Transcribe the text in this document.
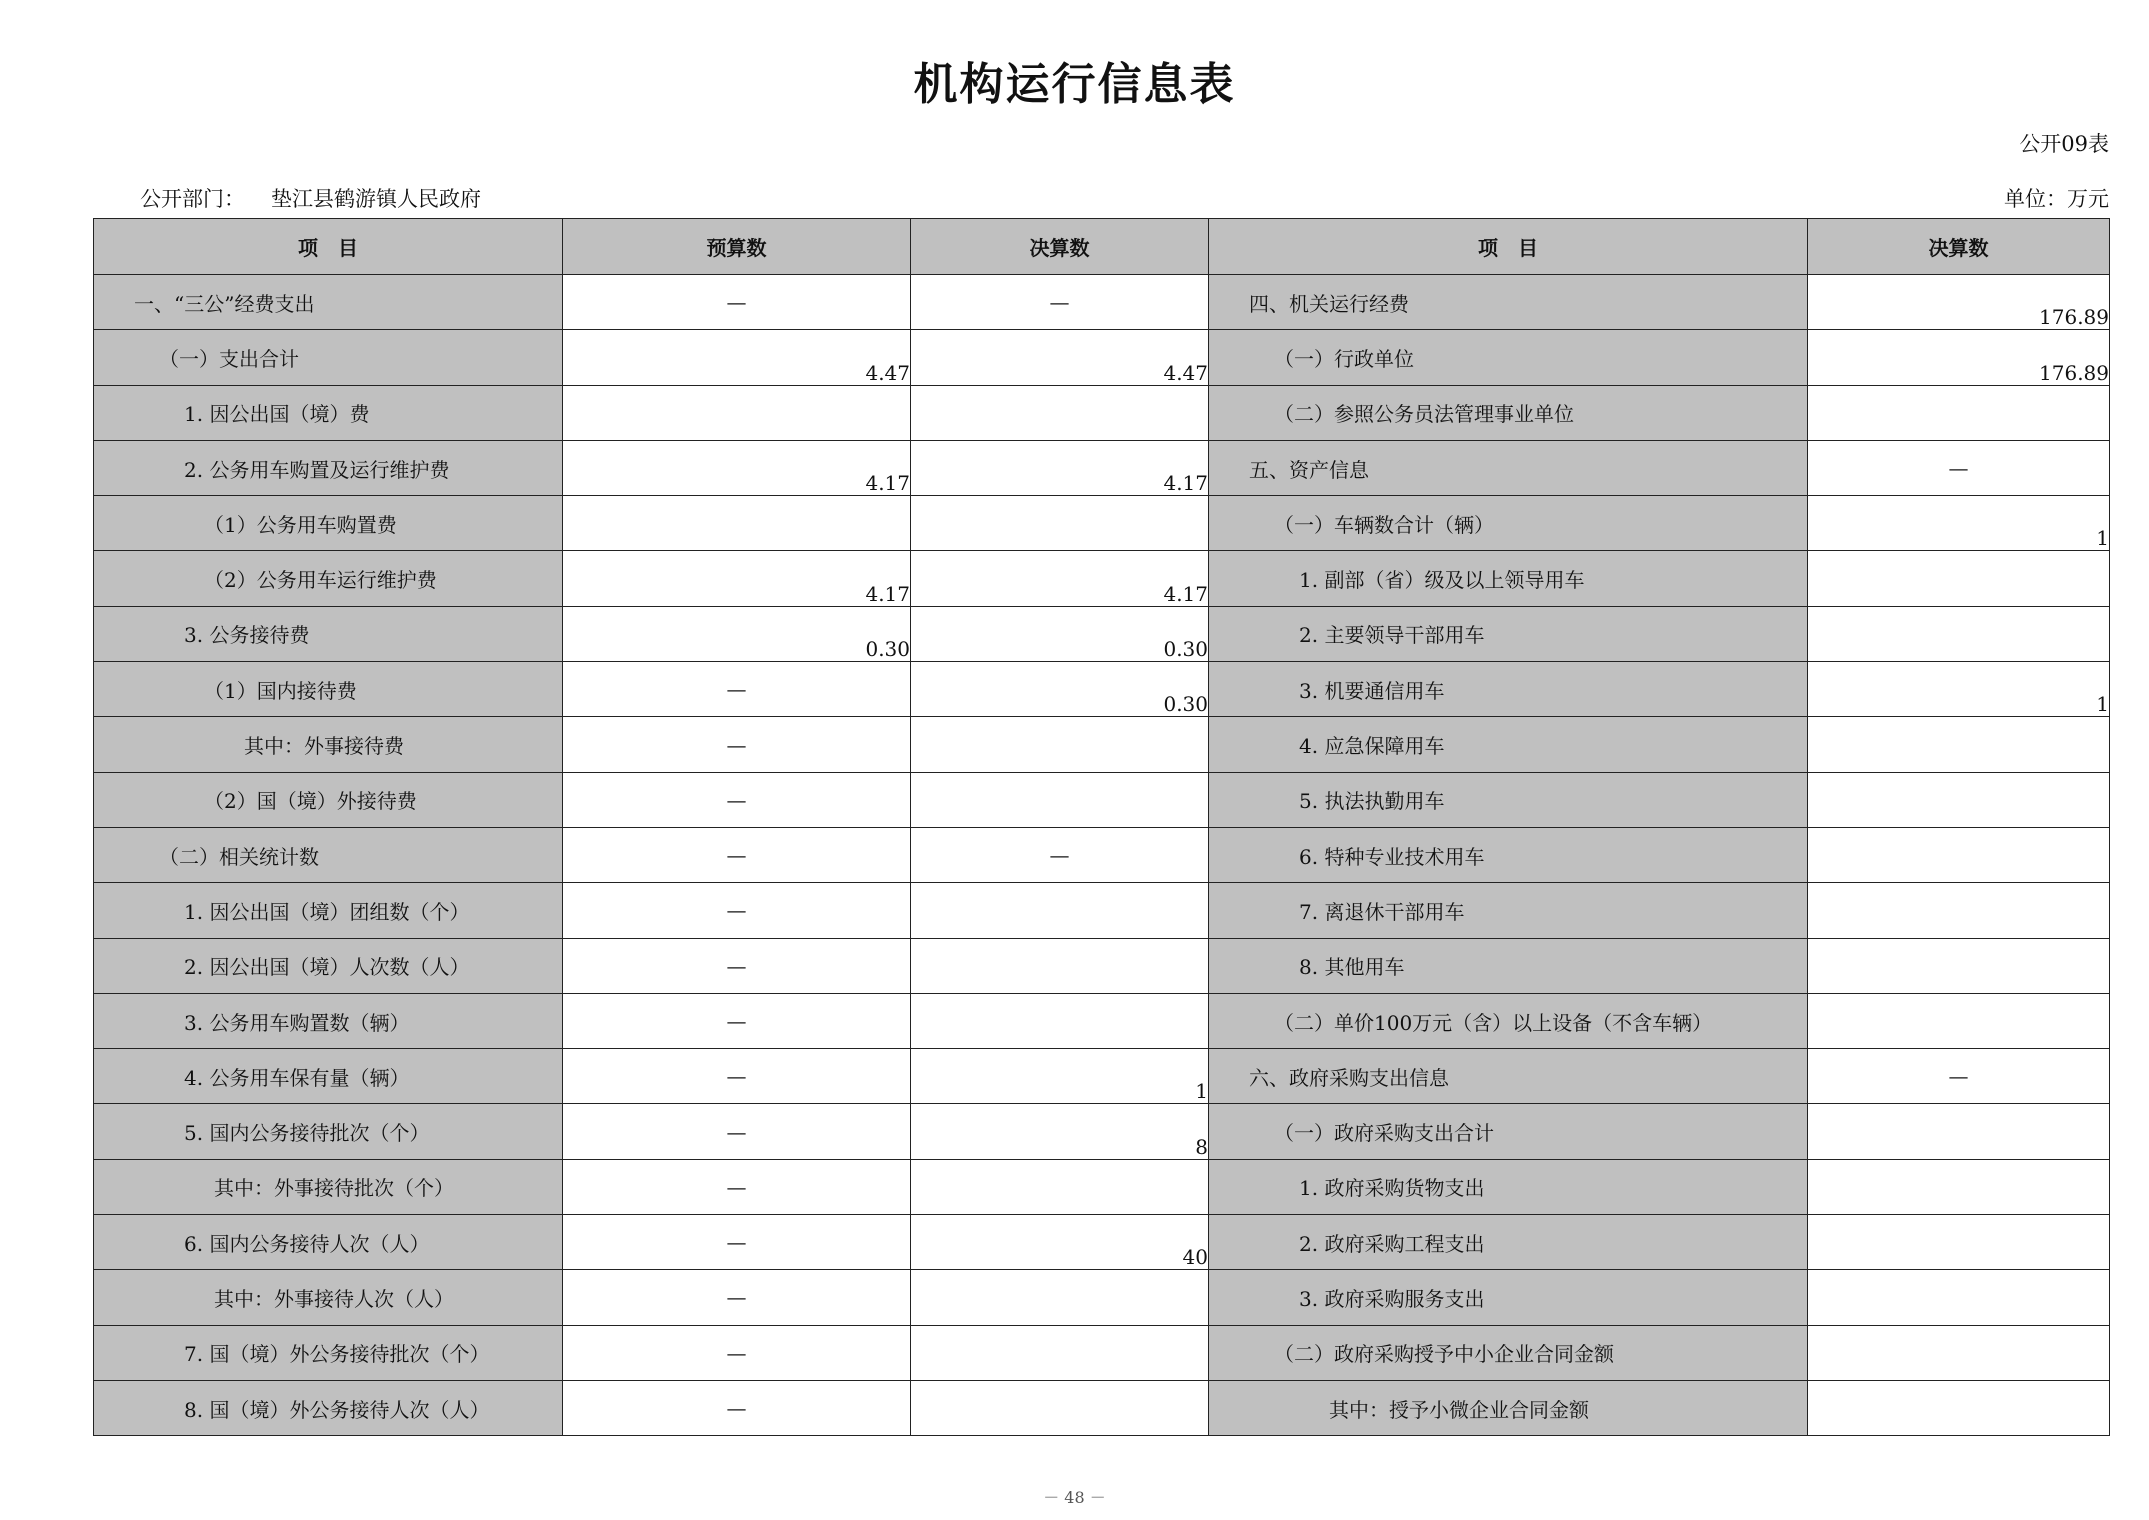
机构运行信息表
公开09表
公开部门： 垫江县鹤游镇人民政府	单位：万元
项　目	预算数	决算数	项　目	决算数
一、“三公”经费支出	—	—	四、机关运行经费	176.89
（一）支出合计	4.47	4.47	（一）行政单位	176.89
1. 因公出国（境）费			（二）参照公务员法管理事业单位	
2. 公务用车购置及运行维护费	4.17	4.17	五、资产信息	—
（1）公务用车购置费			（一）车辆数合计（辆）	1
（2）公务用车运行维护费	4.17	4.17	1. 副部（省）级及以上领导用车	
3. 公务接待费	0.30	0.30	2. 主要领导干部用车	
（1）国内接待费	—	0.30	3. 机要通信用车	1
其中：外事接待费	—		4. 应急保障用车	
（2）国（境）外接待费	—		5. 执法执勤用车	
（二）相关统计数	—	—	6. 特种专业技术用车	
1. 因公出国（境）团组数（个）	—		7. 离退休干部用车	
2. 因公出国（境）人次数（人）	—		8. 其他用车	
3. 公务用车购置数（辆）	—		（二）单价100万元（含）以上设备（不含车辆）	
4. 公务用车保有量（辆）	—	1	六、政府采购支出信息	—
5. 国内公务接待批次（个）	—	8	（一）政府采购支出合计	
其中：外事接待批次（个）	—		1. 政府采购货物支出	
6. 国内公务接待人次（人）	—	40	2. 政府采购工程支出	
其中：外事接待人次（人）	—		3. 政府采购服务支出	
7. 国（境）外公务接待批次（个）	—		（二）政府采购授予中小企业合同金额	
8. 国（境）外公务接待人次（人）	—		其中：授予小微企业合同金额	
－ 48 －
